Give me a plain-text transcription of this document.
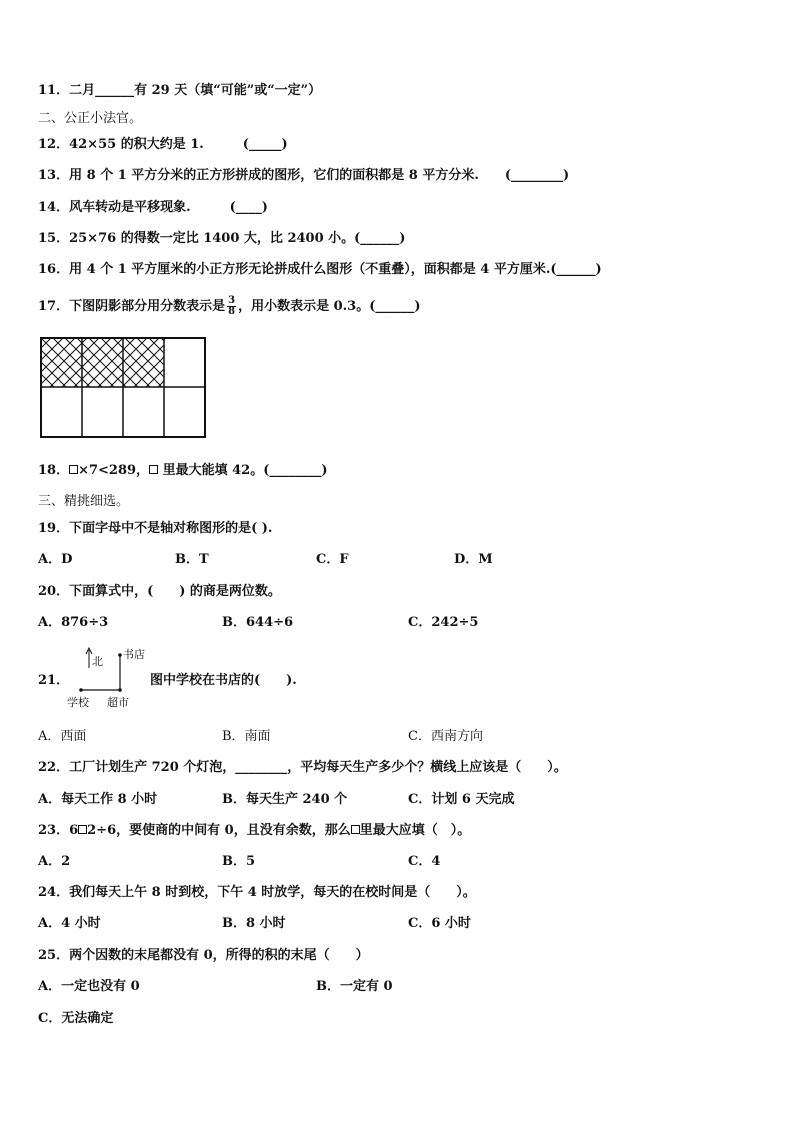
11．二月______有 29 天（填“可能”或“一定”）
二、公正小法官。
12．42×55 的积大约是 1.　　　(_____)
13．用 8 个 1 平方分米的正方形拼成的图形，它们的面积都是 8 平方分米.　　(________)
14．风车转动是平移现象.　　　(____)
15．25×76 的得数一定比 1400 大，比 2400 小。(______)
16．用 4 个 1 平方厘米的小正方形无论拼成什么图形（不重叠），面积都是 4 平方厘米.(______)
17．下图阴影部分用分数表示是 $\frac{3}{8}$ ，用小数表示是 0.3。(______)
18． ×7<289， 里最大能填 42。(________)
三、精挑细选。
19．下面字母中不是轴对称图形的是( ).
A．D	B．T	C．F	D．M
20．下面算式中，(　　) 的商是两位数。
A．876÷3	B．644÷6	C．242÷5
21．
北
书店
学校 超市
图中学校在书店的(　　).
A．西面	B．南面	C．西南方向
22．工厂计划生产 720 个灯泡，________，平均每天生产多少个？横线上应该是（　　）。
A．每天工作 8 小时	B．每天生产 240 个	C．计划 6 天完成
23．6 2÷6，要使商的中间有 0，且没有余数，那么 里最大应填（　）。
A．2	B．5	C．4
24．我们每天上午 8 时到校，下午 4 时放学，每天的在校时间是（　　）。
A．4 小时	B．8 小时	C．6 小时
25．两个因数的末尾都没有 0，所得的积的末尾（　　）
A．一定也没有 0	B．一定有 0
C．无法确定
